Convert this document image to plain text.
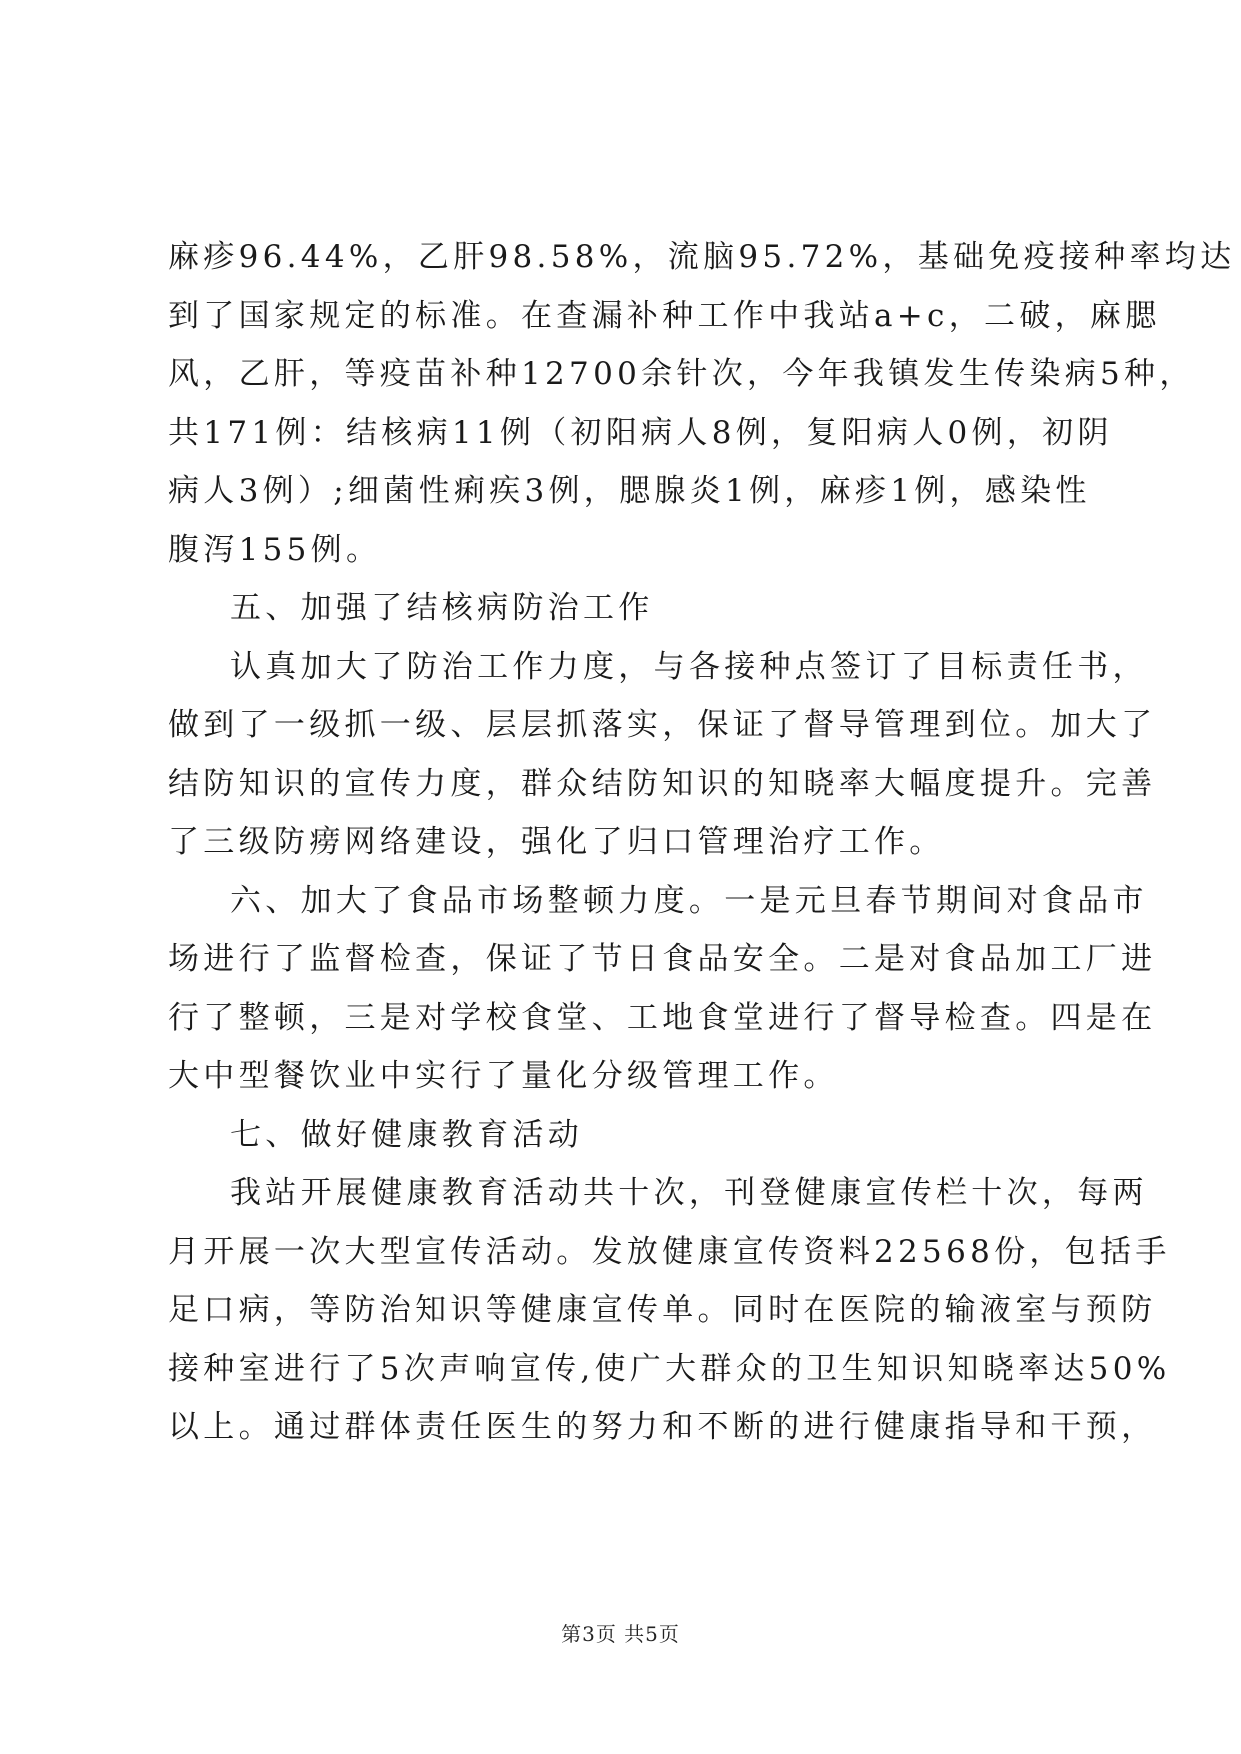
麻疹96.44%，乙肝98.58%，流脑95.72%，基础免疫接种率均达
到了国家规定的标准。在查漏补种工作中我站a+c，二破，麻腮
风，乙肝，等疫苗补种12700余针次，今年我镇发生传染病5种，
共171例：结核病11例（初阳病人8例，复阳病人0例，初阴
病人3例）;细菌性痢疾3例，腮腺炎1例，麻疹1例，感染性
腹泻155例。
五、加强了结核病防治工作
认真加大了防治工作力度，与各接种点签订了目标责任书，
做到了一级抓一级、层层抓落实，保证了督导管理到位。加大了
结防知识的宣传力度，群众结防知识的知晓率大幅度提升。完善
了三级防痨网络建设，强化了归口管理治疗工作。
六、加大了食品市场整顿力度。一是元旦春节期间对食品市
场进行了监督检查，保证了节日食品安全。二是对食品加工厂进
行了整顿，三是对学校食堂、工地食堂进行了督导检查。四是在
大中型餐饮业中实行了量化分级管理工作。
七、做好健康教育活动
我站开展健康教育活动共十次，刊登健康宣传栏十次，每两
月开展一次大型宣传活动。发放健康宣传资料22568份，包括手
足口病，等防治知识等健康宣传单。同时在医院的输液室与预防
接种室进行了5次声响宣传,使广大群众的卫生知识知晓率达50%
以上。通过群体责任医生的努力和不断的进行健康指导和干预，
第3页 共5页
